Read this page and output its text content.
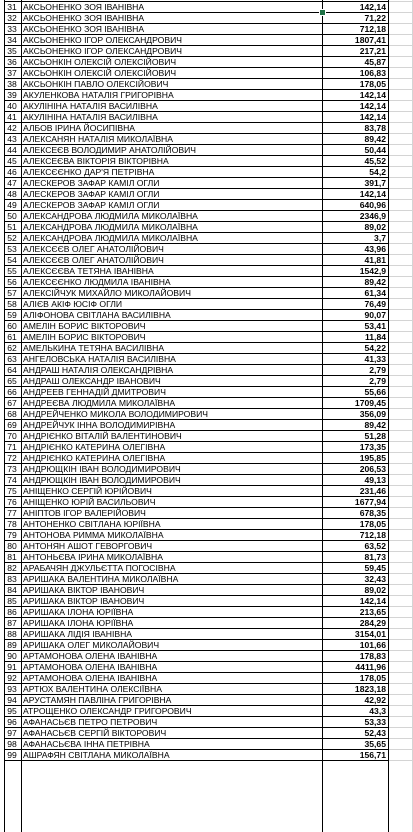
31 АКСЬОНЕНКО ЗОЯ ІВАНІВНА	142,14
32 АКСЬОНЕНКО ЗОЯ ІВАНІВНА	71,22
33 АКСЬОНЕНКО ЗОЯ ІВАНІВНА	712,18
34 АКСЬОНЕНКО ІГОР ОЛЕКСАНДРОВИЧ	1807,41
35 АКСЬОНЕНКО ІГОР ОЛЕКСАНДРОВИЧ	217,21
36 АКСЬОНКІН ОЛЕКСІЙ ОЛЕКСІЙОВИЧ	45,87
37 АКСЬОНКІН ОЛЕКСІЙ ОЛЕКСІЙОВИЧ	106,83
38 АКСЬОНКІН ПАВЛО ОЛЕКСІЙОВИЧ	178,05
39 АКУЛЕНКОВА НАТАЛІЯ ГРИГОРІВНА	142,14
40 АКУЛІНІНА НАТАЛІЯ ВАСИЛІВНА	142,14
41 АКУЛІНІНА НАТАЛІЯ ВАСИЛІВНА	142,14
42 АЛБОВ ІРИНА ЙОСИПІВНА	83,78
43 АЛЕКСАНЯН НАТАЛІЯ МИКОЛАЇВНА	89,42
44 АЛЕКСЕЄВ ВОЛОДИМИР АНАТОЛІЙОВИЧ	50,44
45 АЛЕКСЕЄВА ВІКТОРІЯ ВІКТОРІВНА	45,52
46 АЛЕКСЄЄНКО ДАР'Я ПЕТРІВНА	54,2
47 АЛЕСКЕРОВ ЗАФАР КАМІЛ ОГЛИ	391,7
48 АЛЕСКЕРОВ ЗАФАР КАМІЛ ОГЛИ	142,14
49 АЛЕСКЕРОВ ЗАФАР КАМІЛ ОГЛИ	640,96
50 АЛЕКСАНДРОВА ЛЮДМИЛА МИКОЛАЇВНА	2346,9
51 АЛЕКСАНДРОВА ЛЮДМИЛА МИКОЛАЇВНА	89,02
52 АЛЕКСАНДРОВА ЛЮДМИЛА МИКОЛАЇВНА	3,7
53 АЛЕКСЄЄВ ОЛЕГ АНАТОЛІЙОВИЧ	43,96
54 АЛЕКСЄЄВ ОЛЕГ АНАТОЛІЙОВИЧ	41,81
55 АЛЕКСЄЄВА ТЕТЯНА ІВАНІВНА	1542,9
56 АЛЕКСЄЄНКО ЛЮДМИЛА ІВАНІВНА	89,42
57 АЛЕКСІЙЧУК МИХАЙЛО МИКОЛАЙОВИЧ	61,34
58 АЛІЄВ АКІФ ЮСІФ ОГЛИ	76,49
59 АЛІФОНОВА СВІТЛАНА ВАСИЛІВНА	90,07
60 АМЕЛІН БОРИС ВІКТОРОВИЧ	53,41
61 АМЕЛІН БОРИС ВІКТОРОВИЧ	11,84
62 АМЕЛЬКИНА ТЕТЯНА ВАСИЛІВНА	54,22
63 АНГЕЛОВСЬКА НАТАЛІЯ ВАСИЛІВНА	41,33
64 АНДРАШ НАТАЛІЯ ОЛЕКСАНДРІВНА	2,79
65 АНДРАШ ОЛЕКСАНДР ІВАНОВИЧ	2,79
66 АНДРЕЕВ ГЕННАДІЙ ДМИТРОВИЧ	55,66
67 АНДРЕЄВА ЛЮДМИЛА МИКОЛАЇВНА	1709,45
68 АНДРЕЙЧЕНКО МИКОЛА ВОЛОДИМИРОВИЧ	356,09
69 АНДРЕЙЧУК ІННА ВОЛОДИМИРІВНА	89,42
70 АНДРІЄНКО ВІТАЛІЙ ВАЛЕНТИНОВИЧ	51,28
71 АНДРІЄНКО КАТЕРИНА ОЛЕГІВНА	173,35
72 АНДРІЄНКО КАТЕРИНА ОЛЕГІВНА	195,85
73 АНДРЮЩКІН ІВАН ВОЛОДИМИРОВИЧ	206,53
74 АНДРЮЩКІН ІВАН ВОЛОДИМИРОВИЧ	49,13
75 АНІЩЕНКО СЕРГІЙ ЮРІЙОВИЧ	231,46
76 АНІЩЕНКО ЮРІЙ ВАСИЛЬОВИЧ	1677,94
77 АНІПТОВ ІГОР ВАЛЕРІЙОВИЧ	678,35
78 АНТОНЕНКО СВІТЛАНА ЮРІЇВНА	178,05
79 АНТОНОВА РИММА МИКОЛАЇВНА	712,18
80 АНТОНЯН АШОТ ГЕВОРГОВИЧ	63,52
81 АНТОНЬЄВА ІРИНА МИКОЛАЇВНА	81,73
82 АРАБАЧЯН ДЖУЛЬЄТТА ПОГОСІВНА	59,45
83 АРИШАКА ВАЛЕНТИНА МИКОЛАЇВНА	32,43
84 АРИШАКА ВІКТОР ІВАНОВИЧ	89,02
85 АРИШАКА ВІКТОР ІВАНОВИЧ	142,14
86 АРИШАКА ІЛОНА ЮРІЇВНА	213,65
87 АРИШАКА ІЛОНА ЮРІЇВНА	284,29
88 АРИШАКА ЛІДІЯ ІВАНІВНА	3154,01
89 АРИШАКА ОЛЕГ МИКОЛАЙОВИЧ	101,66
90 АРТАМОНОВА ОЛЕНА ІВАНІВНА	178,83
91 АРТАМОНОВА ОЛЕНА ІВАНІВНА	4411,96
92 АРТАМОНОВА ОЛЕНА ІВАНІВНА	178,05
93 АРТЮХ ВАЛЕНТИНА ОЛЕКСІЇВНА	1823,18
94 АРУСТАМЯН ПАВЛІНА ГРИГОРІВНА	42,92
95 АТРОЩЕНКО ОЛЕКСАНДР ГРИГОРОВИЧ	43,3
96 АФАНАСЬЄВ ПЕТРО ПЕТРОВИЧ	53,33
97 АФАНАСЬЄВ СЕРГІЙ ВІКТОРОВИЧ	52,43
98 АФАНАСЬЄВА ІННА ПЕТРІВНА	35,65
99 АШРАФЯН СВІТЛАНА МИКОЛАЇВНА	156,71
